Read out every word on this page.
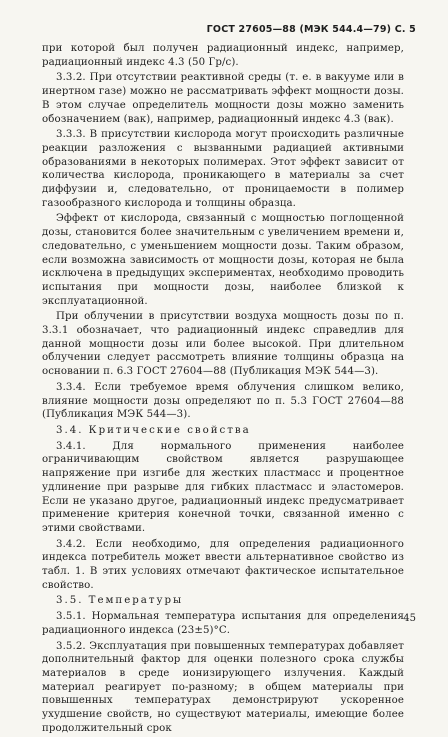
ГОСТ 27605—88 (МЭК 544.4—79) С. 5

при которой был получен радиационный индекс, например, радиационный индекс 4.3 (50 Гр/с).

3.3.2. При отсутствии реактивной среды (т. е. в вакууме или в инертном газе) можно не рассматривать эффект мощности дозы. В этом случае определитель мощности дозы можно заменить обозначением (вак), например, радиационный индекс 4.3 (вак).

3.3.3. В присутствии кислорода могут происходить различные реакции разложения с вызванными радиацией активными образованиями в некоторых полимерах. Этот эффект зависит от количества кислорода, проникающего в материалы за счет диффузии и, следовательно, от проницаемости в полимер газообразного кислорода и толщины образца.

Эффект от кислорода, связанный с мощностью поглощенной дозы, становится более значительным с увеличением времени и, следовательно, с уменьшением мощности дозы. Таким образом, если возможна зависимость от мощности дозы, которая не была исключена в предыдущих экспериментах, необходимо проводить испытания при мощности дозы, наиболее близкой к эксплуатационной.

При облучении в присутствии воздуха мощность дозы по п. 3.3.1 обозначает, что радиационный индекс справедлив для данной мощности дозы или более высокой. При длительном облучении следует рассмотреть влияние толщины образца на основании п. 6.3 ГОСТ 27604—88 (Публикация МЭК 544—3).

3.3.4. Если требуемое время облучения слишком велико, влияние мощности дозы определяют по п. 5.3 ГОСТ 27604—88 (Публикация МЭК 544—3).

3.4. Критические свойства

3.4.1. Для нормального применения наиболее ограничивающим свойством является разрушающее напряжение при изгибе для жестких пластмасс и процентное удлинение при разрыве для гибких пластмасс и эластомеров. Если не указано другое, радиационный индекс предусматривает применение критерия конечной точки, связанной именно с этими свойствами.

3.4.2. Если необходимо, для определения радиационного индекса потребитель может ввести альтернативное свойство из табл. 1. В этих условиях отмечают фактическое испытательное свойство.

3.5. Температуры

3.5.1. Нормальная температура испытания для определения радиационного индекса (23±5)°С.

3.5.2. Эксплуатация при повышенных температурах добавляет дополнительный фактор для оценки полезного срока службы материалов в среде ионизирующего излучения. Каждый материал реагирует по-разному; в общем материалы при повышенных температурах демонстрируют ускоренное ухудшение свойств, но существуют материалы, имеющие более продолжительный срок

45
